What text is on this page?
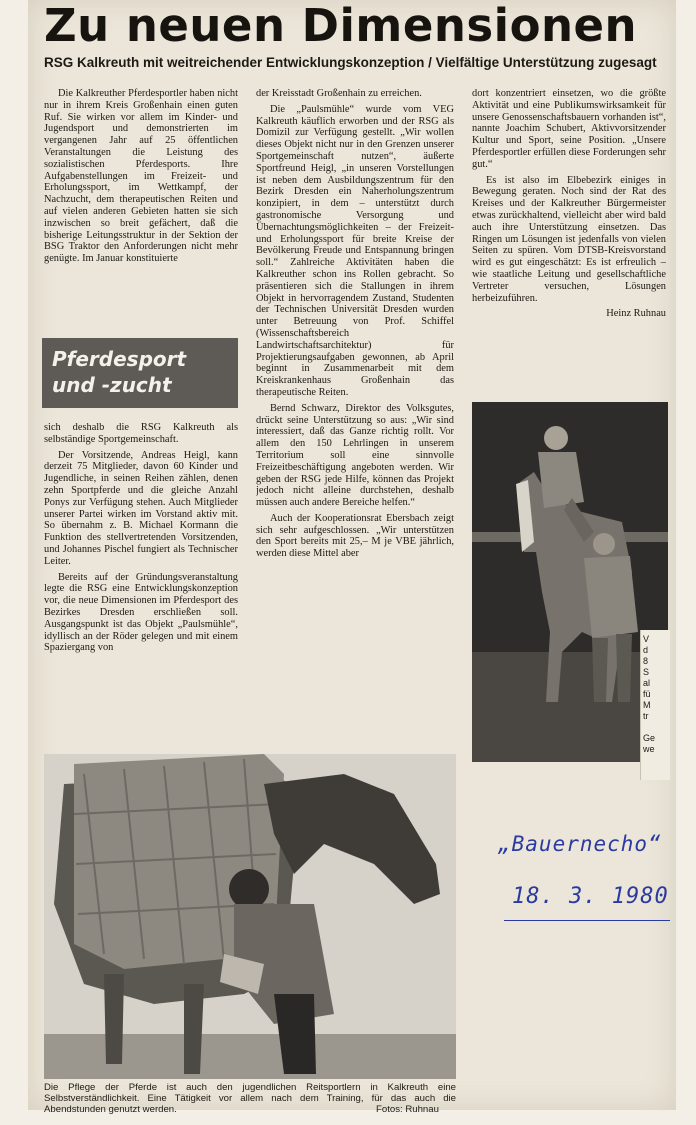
Zu neuen Dimensionen
RSG Kalkreuth mit weitreichender Entwicklungskonzeption / Vielfältige Unterstützung zugesagt

Die Kalkreuther Pferdesportler haben nicht nur in ihrem Kreis Großenhain einen guten Ruf. Sie wirken vor allem im Kinder- und Jugendsport und demonstrierten im vergangenen Jahr auf 25 öffentlichen Veranstaltungen die Leistung des sozialistischen Pferdesports. Ihre Aufgabenstellungen im Freizeit- und Erholungssport, im Wettkampf, der Nachzucht, dem therapeutischen Reiten und auf vielen anderen Gebieten hatten sie sich inzwischen so breit gefächert, daß die bisherige Leitungsstruktur in der Sektion der BSG Traktor den Anforderungen nicht mehr genügte. Im Januar konstituierte

Pferdesport
und -zucht

sich deshalb die RSG Kalkreuth als selbständige Sportgemeinschaft.

Der Vorsitzende, Andreas Heigl, kann derzeit 75 Mitglieder, davon 60 Kinder und Jugendliche, in seinen Reihen zählen, denen zehn Sportpferde und die gleiche Anzahl Ponys zur Verfügung stehen. Auch Mitglieder unserer Partei wirken im Vorstand aktiv mit. So übernahm z. B. Michael Kormann die Funktion des stellvertretenden Vorsitzenden, und Johannes Pischel fungiert als Technischer Leiter.

Bereits auf der Gründungsveranstaltung legte die RSG eine Entwicklungskonzeption vor, die neue Dimensionen im Pferdesport des Bezirkes Dresden erschließen soll. Ausgangspunkt ist das Objekt „Paulsmühle“, idyllisch an der Röder gelegen und mit einem Spaziergang von

der Kreisstadt Großenhain zu erreichen.

Die „Paulsmühle“ wurde vom VEG Kalkreuth käuflich erworben und der RSG als Domizil zur Verfügung gestellt. „Wir wollen dieses Objekt nicht nur in den Grenzen unserer Sportgemeinschaft nutzen“, äußerte Sportfreund Heigl, „in unseren Vorstellungen ist neben dem Ausbildungszentrum für den Bezirk Dresden ein Naherholungszentrum konzipiert, in dem – unterstützt durch gastronomische Versorgung und Übernachtungsmöglichkeiten – der Freizeit- und Erholungssport für breite Kreise der Bevölkerung Freude und Entspannung bringen soll.“ Zahlreiche Aktivitäten haben die Kalkreuther schon ins Rollen gebracht. So präsentieren sich die Stallungen in ihrem Objekt in hervorragendem Zustand, Studenten der Technischen Universität Dresden wurden unter Betreuung von Prof. Schiffel (Wissenschaftsbereich Landwirtschaftsarchitektur) für Projektierungsaufgaben gewonnen, ab April beginnt in Zusammenarbeit mit dem Kreiskrankenhaus Großenhain das therapeutische Reiten.

Bernd Schwarz, Direktor des Volksgutes, drückt seine Unterstützung so aus: „Wir sind interessiert, daß das Ganze richtig rollt. Vor allem den 150 Lehrlingen in unserem Territorium soll eine sinnvolle Freizeitbeschäftigung angeboten werden. Wir geben der RSG jede Hilfe, können das Projekt jedoch nicht alleine durchstehen, deshalb müssen auch andere Bereiche helfen.“

Auch der Kooperationsrat Ebersbach zeigt sich sehr aufgeschlossen. „Wir unterstützen den Sport bereits mit 25,– M je VBE jährlich, werden diese Mittel aber

dort konzentriert einsetzen, wo die größte Aktivität und eine Publikumswirksamkeit für unsere Genossenschaftsbauern vorhanden ist“, nannte Joachim Schubert, Aktivvorsitzender Kultur und Sport, seine Position. „Unsere Pferdesportler erfüllen diese Forderungen sehr gut.“

Es ist also im Elbebezirk einiges in Bewegung geraten. Noch sind der Rat des Kreises und der Kalkreuther Bürgermeister etwas zurückhaltend, vielleicht aber wird bald auch ihre Unterstützung einsetzen. Das Ringen um Lösungen ist jedenfalls von vielen Seiten zu spüren. Vom DTSB-Kreisvorstand wird es gut eingeschätzt: Es ist erfreulich – wie staatliche Leitung und gesellschaftliche Vertreter versuchen, Lösungen herbeizuführen.

Heinz Ruhnau

V
d
8
S
al
fü
M
tr

Ge
we
Die Pflege der Pferde ist auch den jugendlichen Reitsportlern in Kalkreuth eine Selbstverständlichkeit. Eine Tätigkeit vor allem nach dem Training, für das auch die Abendstunden genutzt werden.	Fotos: Ruhnau
„Bauernecho“
18. 3. 1980
